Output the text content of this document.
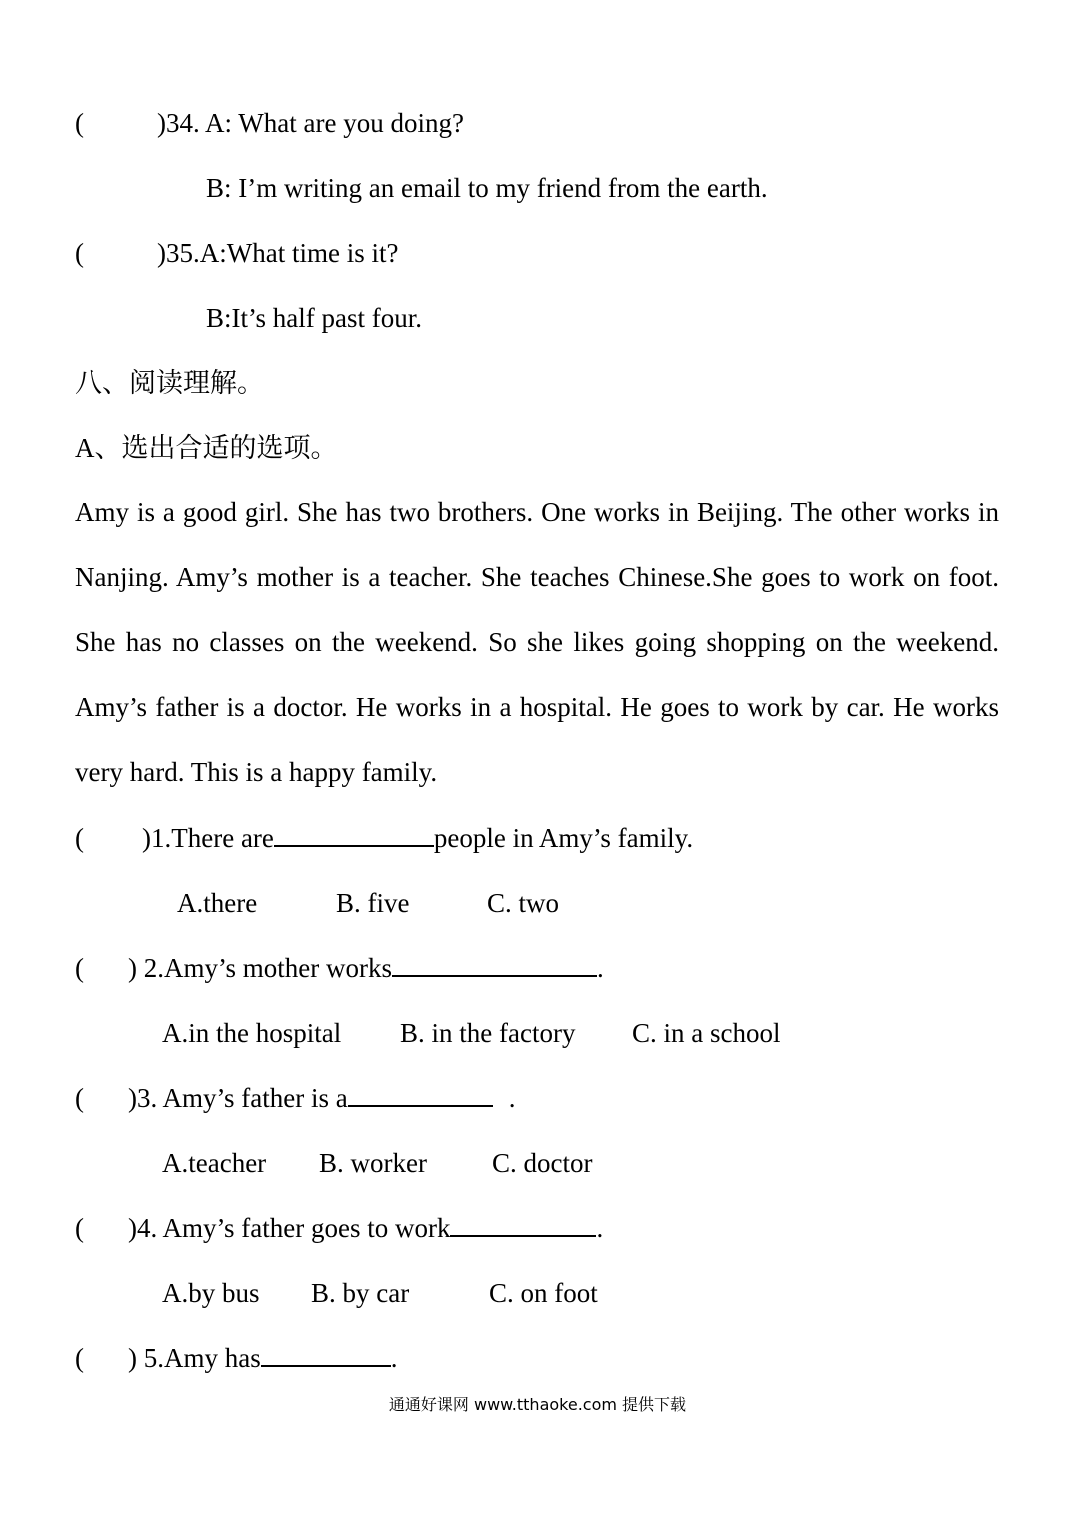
(	)34. A: What are you doing?
B: I’m writing an email to my friend from the earth.
(	)35.A:What time is it?
B:It’s half past four.
八、阅读理解。
A、选出合适的选项。
Amy is a good girl. She has two brothers. One works in Beijing. The other works in Nanjing. Amy’s mother is a teacher. She teaches Chinese.She goes to work on foot. She has no classes on the weekend. So she likes going shopping on the weekend. Amy’s father is a doctor. He works in a hospital. He goes to work by car. He works very hard. This is a happy family.
( )1.There are	people in Amy’s family.
A.there	B. five	C. two
( ) 2.Amy’s mother works	.
A.in the hospital B. in the factory C. in a school
( )3. Amy’s father is a	.
A.teacher B. worker C. doctor
( )4. Amy’s father goes to work	.
A.by bus B. by car	C. on foot
( ) 5.Amy has	.
通通好课网 www.tthaoke.com 提供下载
